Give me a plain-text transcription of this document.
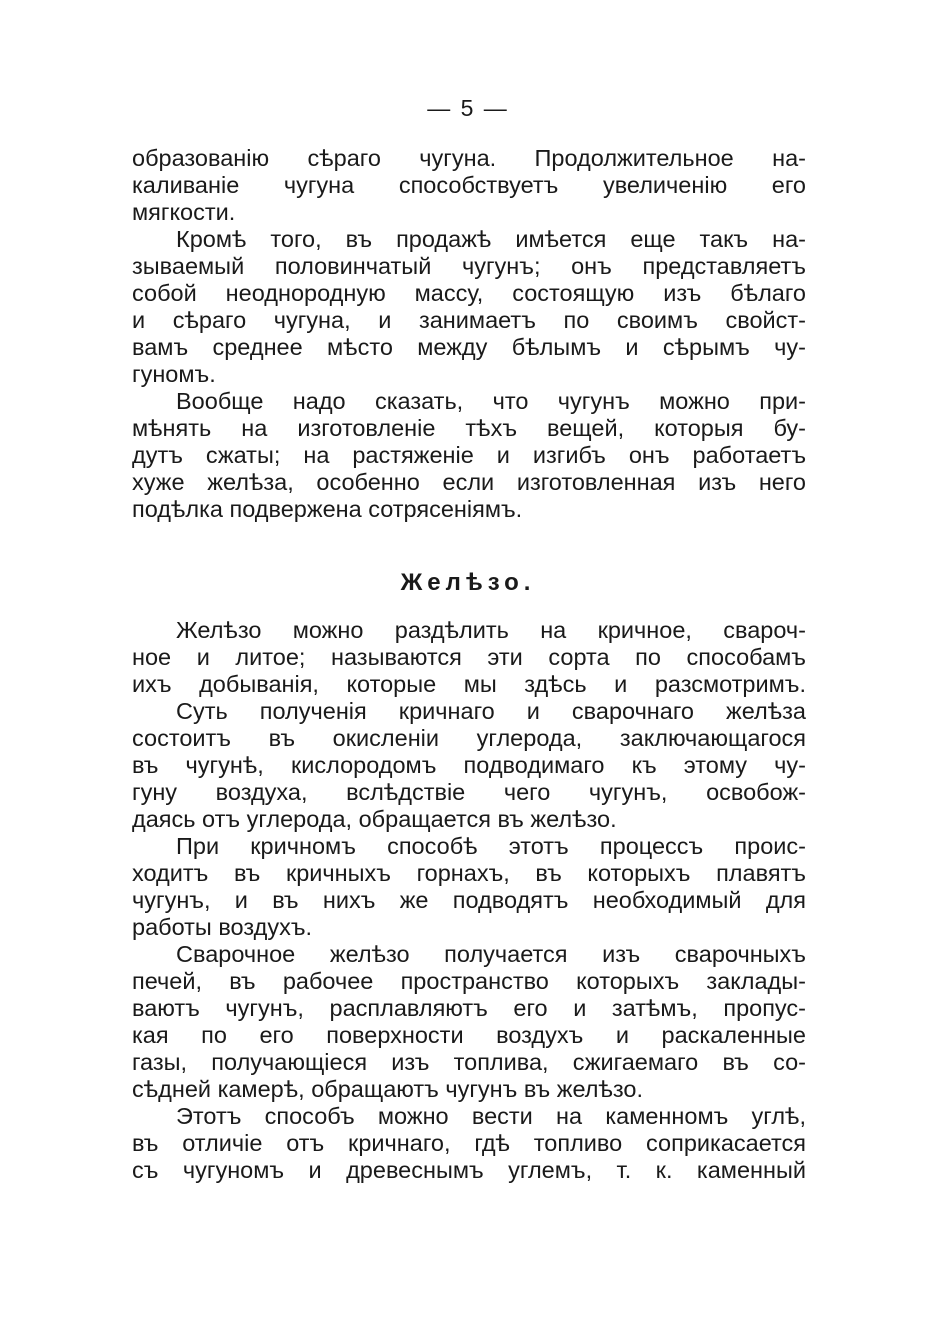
— 5 —
образованію сѣраго чугуна. Продолжительное на-
каливаніе чугуна способствуетъ увеличенію его
мягкости.
Кромѣ того, въ продажѣ имѣется еще такъ на-
зываемый половинчатый чугунъ; онъ представляетъ
собой неоднородную массу, состоящую изъ бѣлаго
и сѣраго чугуна, и занимаетъ по своимъ свойст-
вамъ среднее мѣсто между бѣлымъ и сѣрымъ чу-
гуномъ.
Вообще надо сказать, что чугунъ можно при-
мѣнять на изготовленіе тѣхъ вещей, которыя бу-
дутъ сжаты; на растяженіе и изгибъ онъ работаетъ
хуже желѣза, особенно если изготовленная изъ него
подѣлка подвержена сотрясеніямъ.
Желѣзо.
Желѣзо можно раздѣлить на кричное, свароч-
ное и литое; называются эти сорта по способамъ
ихъ добыванія, которые мы здѣсь и разсмотримъ.
Суть полученія кричнаго и сварочнаго желѣза
состоитъ въ окисленіи углерода, заключающагося
въ чугунѣ, кислородомъ подводимаго къ этому чу-
гуну воздуха, вслѣдствіе чего чугунъ, освобож-
даясь отъ углерода, обращается въ желѣзо.
При кричномъ способѣ этотъ процессъ проис-
ходитъ въ кричныхъ горнахъ, въ которыхъ плавятъ
чугунъ, и въ нихъ же подводятъ необходимый для
работы воздухъ.
Сварочное желѣзо получается изъ сварочныхъ
печей, въ рабочее пространство которыхъ заклады-
ваютъ чугунъ, расплавляютъ его и затѣмъ, пропус-
кая по его поверхности воздухъ и раскаленные
газы, получающіеся изъ топлива, сжигаемаго въ со-
сѣдней камерѣ, обращаютъ чугунъ въ желѣзо.
Этотъ способъ можно вести на каменномъ углѣ,
въ отличіе отъ кричнаго, гдѣ топливо соприкасается
съ чугуномъ и древеснымъ углемъ, т. к. каменный
